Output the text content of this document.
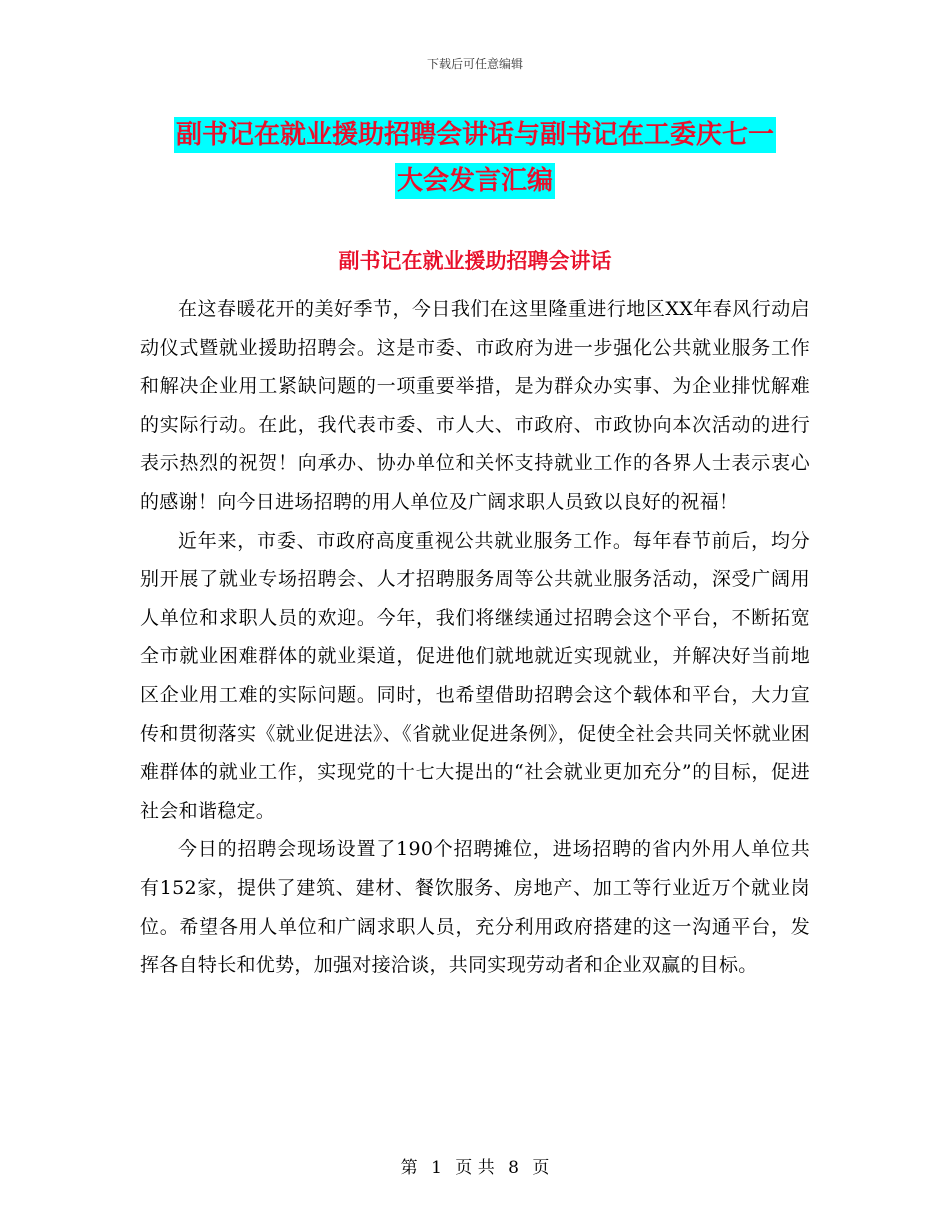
下载后可任意编辑
副书记在就业援助招聘会讲话与副书记在工委庆七一
大会发言汇编
副书记在就业援助招聘会讲话

在这春暖花开的美好季节，今日我们在这里隆重进行地区XX年春风行动启动仪式暨就业援助招聘会。这是市委、市政府为进一步强化公共就业服务工作和解决企业用工紧缺问题的一项重要举措，是为群众办实事、为企业排忧解难的实际行动。在此，我代表市委、市人大、市政府、市政协向本次活动的进行表示热烈的祝贺！向承办、协办单位和关怀支持就业工作的各界人士表示衷心的感谢！向今日进场招聘的用人单位及广阔求职人员致以良好的祝福！

近年来，市委、市政府高度重视公共就业服务工作。每年春节前后，均分别开展了就业专场招聘会、人才招聘服务周等公共就业服务活动，深受广阔用人单位和求职人员的欢迎。今年，我们将继续通过招聘会这个平台，不断拓宽全市就业困难群体的就业渠道，促进他们就地就近实现就业，并解决好当前地区企业用工难的实际问题。同时，也希望借助招聘会这个载体和平台，大力宣传和贯彻落实《就业促进法》、《省就业促进条例》，促使全社会共同关怀就业困难群体的就业工作，实现党的十七大提出的“社会就业更加充分”的目标，促进社会和谐稳定。

今日的招聘会现场设置了190个招聘摊位，进场招聘的省内外用人单位共有152家，提供了建筑、建材、餐饮服务、房地产、加工等行业近万个就业岗位。希望各用人单位和广阔求职人员，充分利用政府搭建的这一沟通平台，发挥各自特长和优势，加强对接洽谈，共同实现劳动者和企业双赢的目标。

第 1 页 共 8 页
